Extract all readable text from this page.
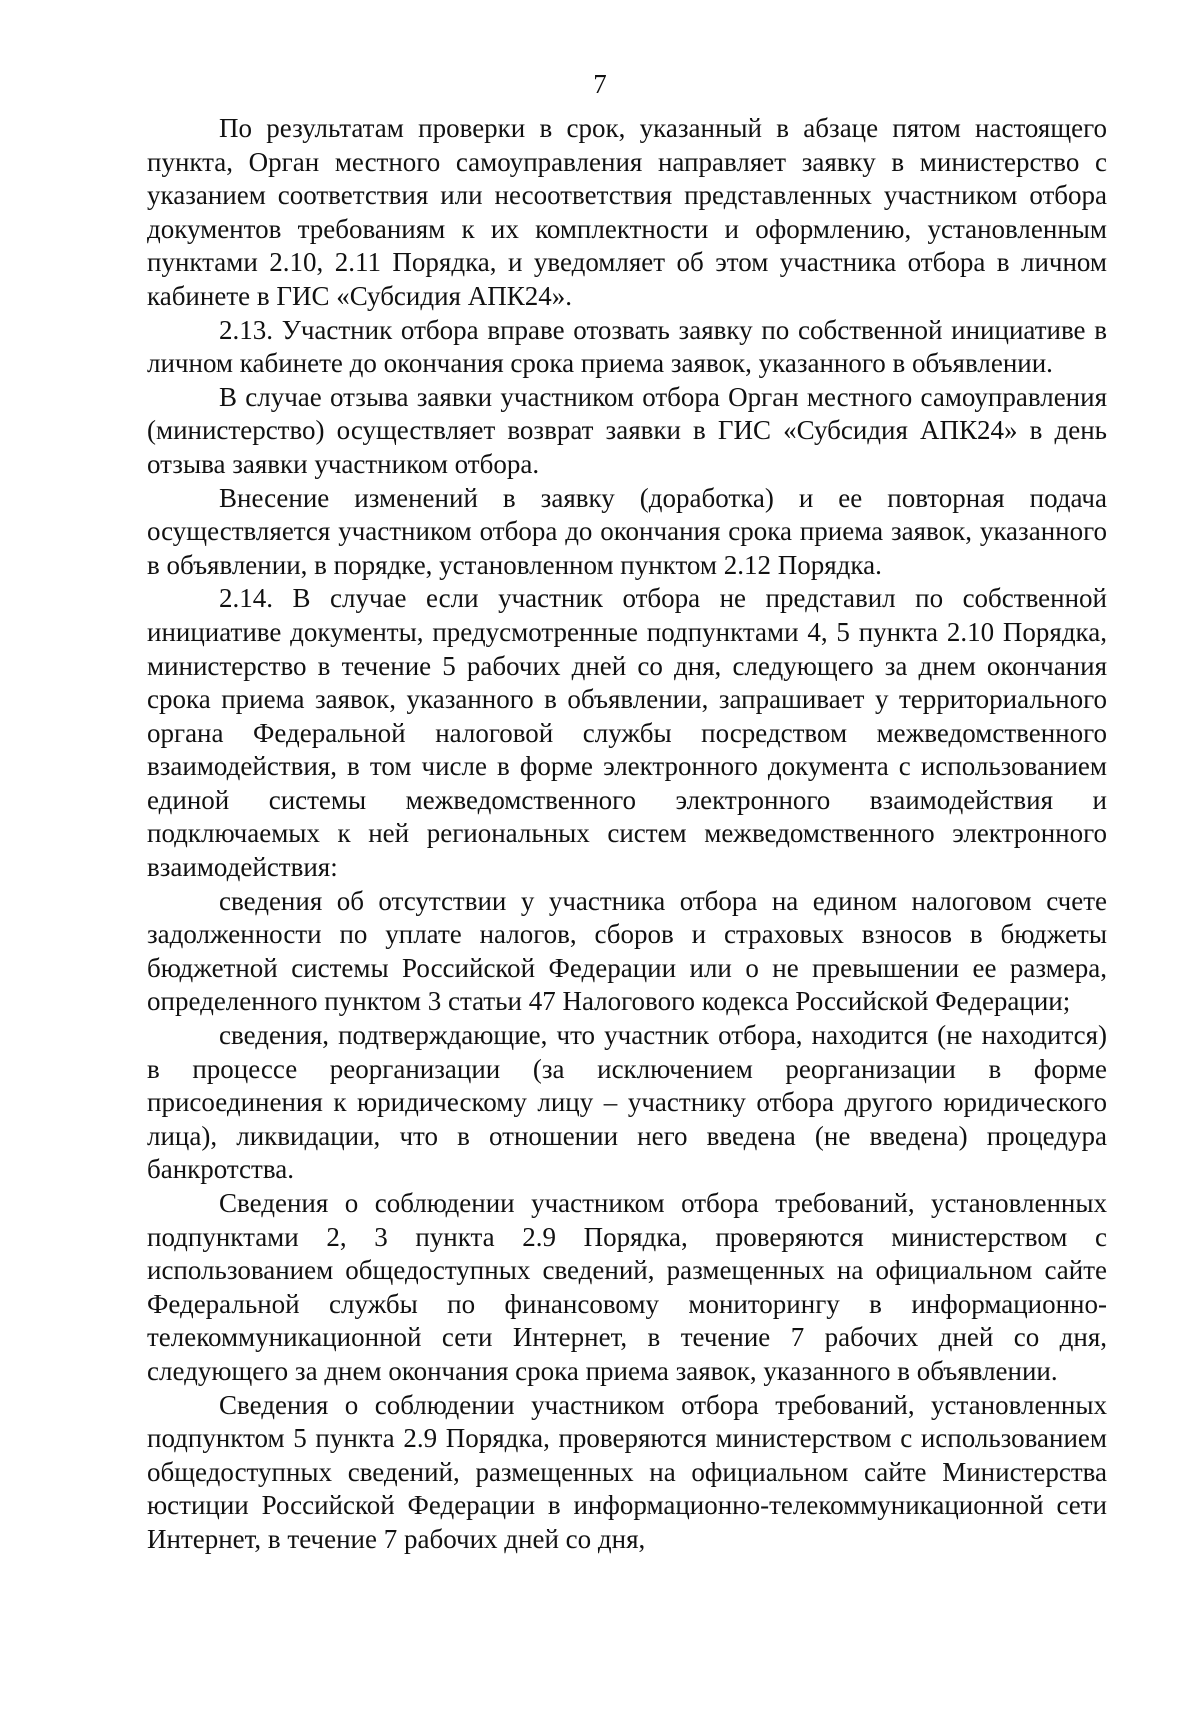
7

По результатам проверки в срок, указанный в абзаце пятом настоящего пункта, Орган местного самоуправления направляет заявку в министерство с указанием соответствия или несоответствия представленных участником отбора документов требованиям к их комплектности и оформлению, установленным пунктами 2.10, 2.11 Порядка, и уведомляет об этом участника отбора в личном кабинете в ГИС «Субсидия АПК24».

2.13. Участник отбора вправе отозвать заявку по собственной инициативе в личном кабинете до окончания срока приема заявок, указанного в объявлении.

В случае отзыва заявки участником отбора Орган местного самоуправления (министерство) осуществляет возврат заявки в ГИС «Субсидия АПК24» в день отзыва заявки участником отбора.

Внесение изменений в заявку (доработка) и ее повторная подача осуществляется участником отбора до окончания срока приема заявок, указанного в объявлении, в порядке, установленном пунктом 2.12 Порядка.

2.14. В случае если участник отбора не представил по собственной инициативе документы, предусмотренные подпунктами 4, 5 пункта 2.10 Порядка, министерство в течение 5 рабочих дней со дня, следующего за днем окончания срока приема заявок, указанного в объявлении, запрашивает у территориального органа Федеральной налоговой службы посредством межведомственного взаимодействия, в том числе в форме электронного документа с использованием единой системы межведомственного электронного взаимодействия и подключаемых к ней региональных систем межведомственного электронного взаимодействия:

сведения об отсутствии у участника отбора на едином налоговом счете задолженности по уплате налогов, сборов и страховых взносов в бюджеты бюджетной системы Российской Федерации или о не превышении ее размера, определенного пунктом 3 статьи 47 Налогового кодекса Российской Федерации;

сведения, подтверждающие, что участник отбора, находится (не находится) в процессе реорганизации (за исключением реорганизации в форме присоединения к юридическому лицу – участнику отбора другого юридического лица), ликвидации, что в отношении него введена (не введена) процедура банкротства.

Сведения о соблюдении участником отбора требований, установленных подпунктами 2, 3 пункта 2.9 Порядка, проверяются министерством с использованием общедоступных сведений, размещенных на официальном сайте Федеральной службы по финансовому мониторингу в информационно-телекоммуникационной сети Интернет, в течение 7 рабочих дней со дня, следующего за днем окончания срока приема заявок, указанного в объявлении.

Сведения о соблюдении участником отбора требований, установленных подпунктом 5 пункта 2.9 Порядка, проверяются министерством с использованием общедоступных сведений, размещенных на официальном сайте Министерства юстиции Российской Федерации в информационно-телекоммуникационной сети Интернет, в течение 7 рабочих дней со дня,
